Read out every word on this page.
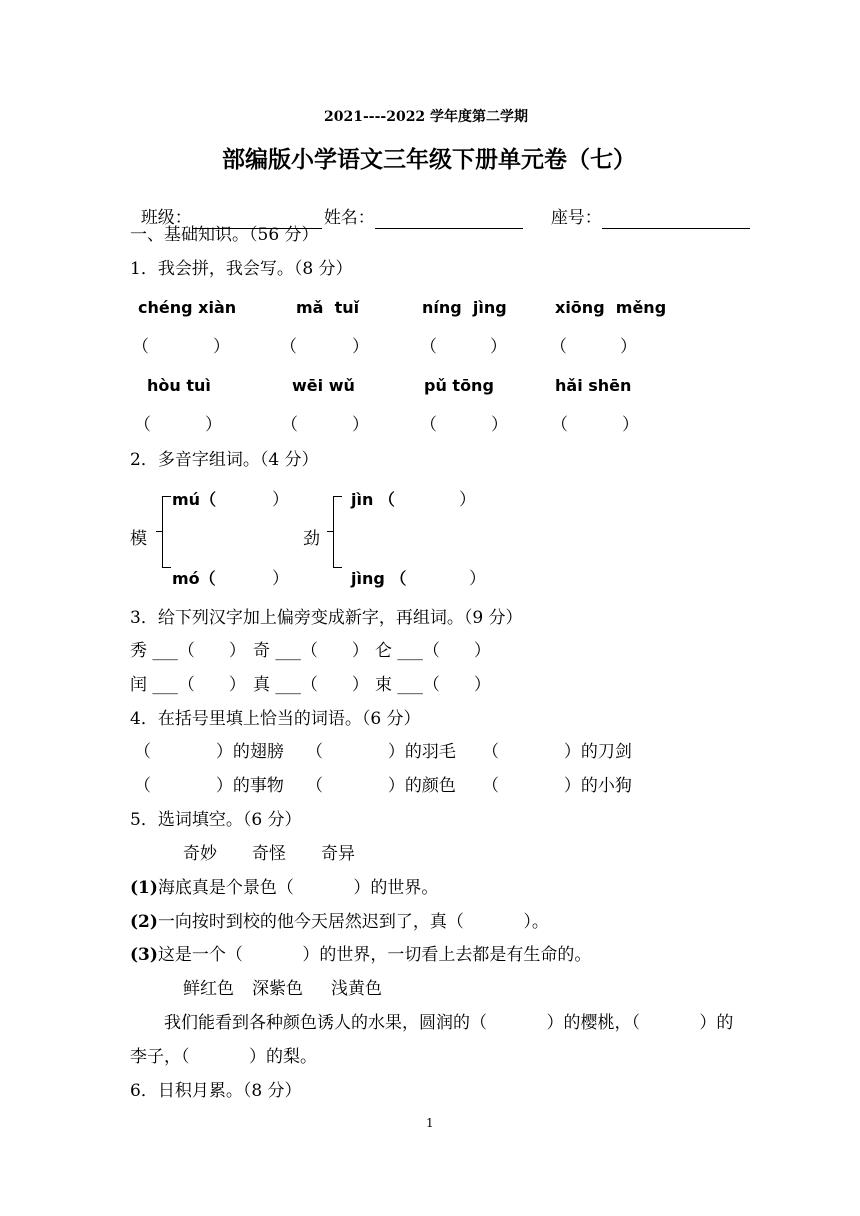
2021----2022 学年度第二学期
部编版小学语文三年级下册单元卷（七）

班级：	姓名：	座号：

一、基础知识。（56 分）
1．我会拼，我会写。（8 分）
chéng xiàn	mǎ  tuǐ	níng  jìng	xiōng  měng
（	）	（	）	（	）	（	）
hòu tuì	wēi wǔ	pǔ tōng	hǎi shēn
（	）	（	）	（	）	（	）
2．多音字组词。（4 分）
模
mú（	）
mó（	）
劲
jìn （	）
jìng （	）
3．给下列汉字加上偏旁变成新字，再组词。（9 分）
秀 ___（ ） 奇 ___（ ） 仑 ___（ ）
闰 ___（ ） 真 ___（ ） 束 ___（ ）
4．在括号里填上恰当的词语。（6 分）
（            ）的翅膀 （            ）的羽毛 （            ）的刀剑
（            ）的事物 （            ）的颜色 （            ）的小狗
5．选词填空。（6 分）
奇妙 奇怪 奇异
(1)海底真是个景色（           ）的世界。
(2)一向按时到校的他今天居然迟到了，真（           ）。
(3)这是一个（           ）的世界，一切看上去都是有生命的。
鲜红色 深紫色 浅黄色
我们能看到各种颜色诱人的水果，圆润的（           ）的樱桃，（           ）的
李子，（           ）的梨。
6．日积月累。（8 分）
1
